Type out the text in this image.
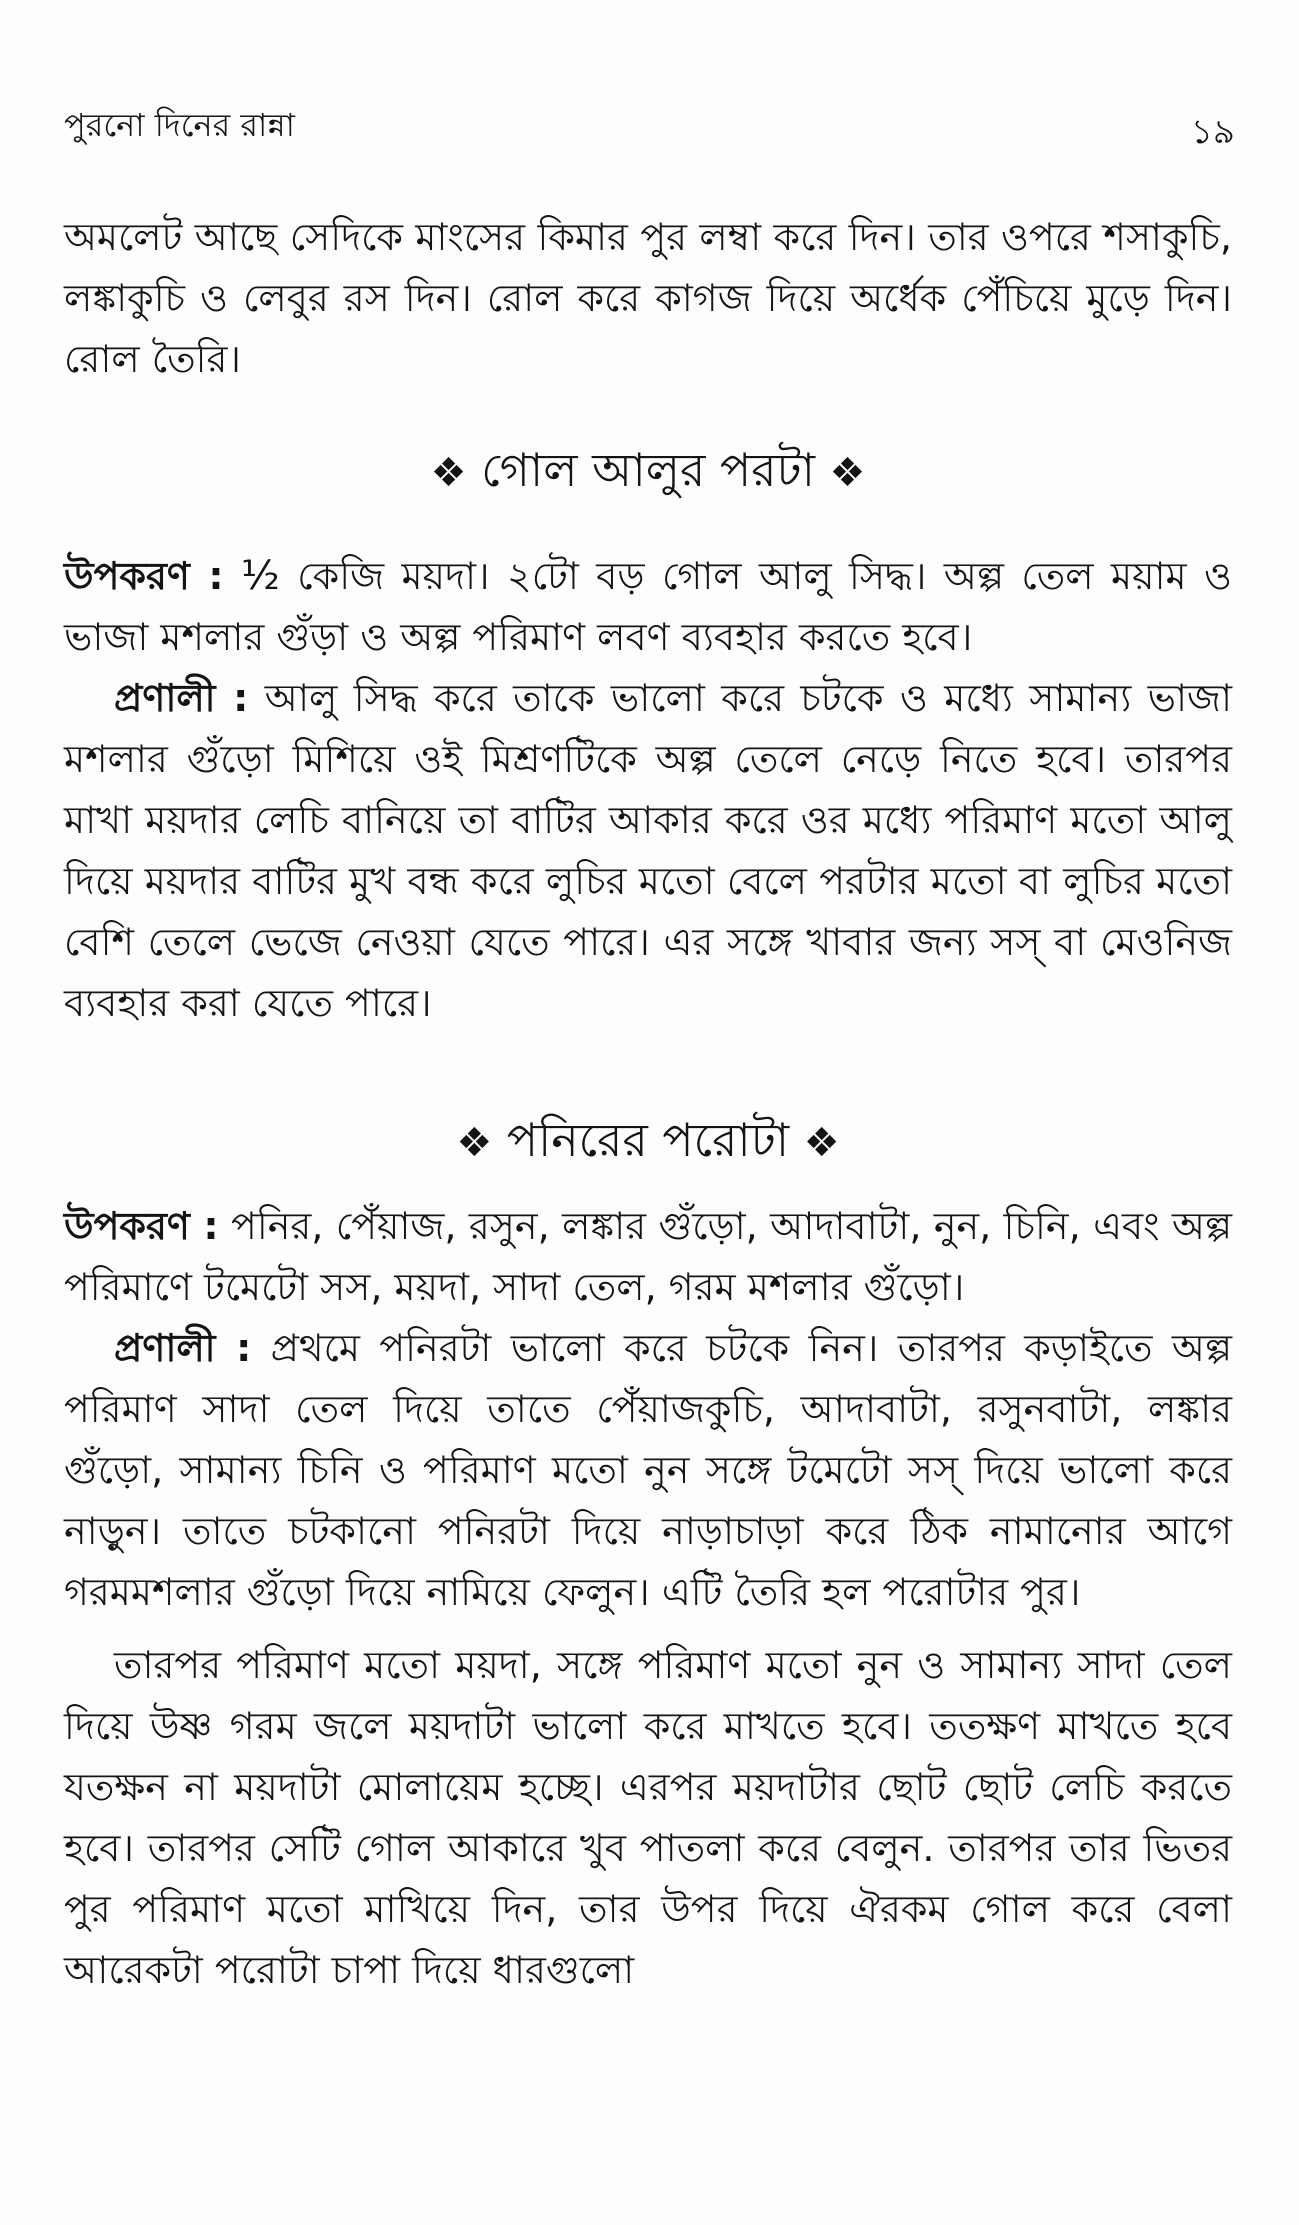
পুরনো দিনের রান্না	১৯

অমলেট আছে সেদিকে মাংসের কিমার পুর লম্বা করে দিন। তার ওপরে শসাকুচি, লঙ্কাকুচি ও লেবুর রস দিন। রোল করে কাগজ দিয়ে অর্ধেক পেঁচিয়ে মুড়ে দিন। রোল তৈরি।

❖ গোল আলুর পরটা ❖

উপকরণ : ½ কেজি ময়দা। ২টো বড় গোল আলু সিদ্ধ। অল্প তেল ময়াম ও ভাজা মশলার গুঁড়া ও অল্প পরিমাণ লবণ ব্যবহার করতে হবে।

প্রণালী : আলু সিদ্ধ করে তাকে ভালো করে চটকে ও মধ্যে সামান্য ভাজা মশলার গুঁড়ো মিশিয়ে ওই মিশ্রণটিকে অল্প তেলে নেড়ে নিতে হবে। তারপর মাখা ময়দার লেচি বানিয়ে তা বাটির আকার করে ওর মধ্যে পরিমাণ মতো আলু দিয়ে ময়দার বাটির মুখ বন্ধ করে লুচির মতো বেলে পরটার মতো বা লুচির মতো বেশি তেলে ভেজে নেওয়া যেতে পারে। এর সঙ্গে খাবার জন্য সস্ বা মেওনিজ ব্যবহার করা যেতে পারে।

❖ পনিরের পরোটা ❖

উপকরণ : পনির, পেঁয়াজ, রসুন, লঙ্কার গুঁড়ো, আদাবাটা, নুন, চিনি, এবং অল্প পরিমাণে টমেটো সস, ময়দা, সাদা তেল, গরম মশলার গুঁড়ো।

প্রণালী : প্রথমে পনিরটা ভালো করে চটকে নিন। তারপর কড়াইতে অল্প পরিমাণ সাদা তেল দিয়ে তাতে পেঁয়াজকুচি, আদাবাটা, রসুনবাটা, লঙ্কার গুঁড়ো, সামান্য চিনি ও পরিমাণ মতো নুন সঙ্গে টমেটো সস্ দিয়ে ভালো করে নাড়ুন। তাতে চটকানো পনিরটা দিয়ে নাড়াচাড়া করে ঠিক নামানোর আগে গরমমশলার গুঁড়ো দিয়ে নামিয়ে ফেলুন। এটি তৈরি হল পরোটার পুর।

তারপর পরিমাণ মতো ময়দা, সঙ্গে পরিমাণ মতো নুন ও সামান্য সাদা তেল দিয়ে উষ্ণ গরম জলে ময়দাটা ভালো করে মাখতে হবে। ততক্ষণ মাখতে হবে যতক্ষন না ময়দাটা মোলায়েম হচ্ছে। এরপর ময়দাটার ছোট ছোট লেচি করতে হবে। তারপর সেটি গোল আকারে খুব পাতলা করে বেলুন. তারপর তার ভিতর পুর পরিমাণ মতো মাখিয়ে দিন, তার উপর দিয়ে ঐরকম গোল করে বেলা আরেকটা পরোটা চাপা দিয়ে ধারগুলো
